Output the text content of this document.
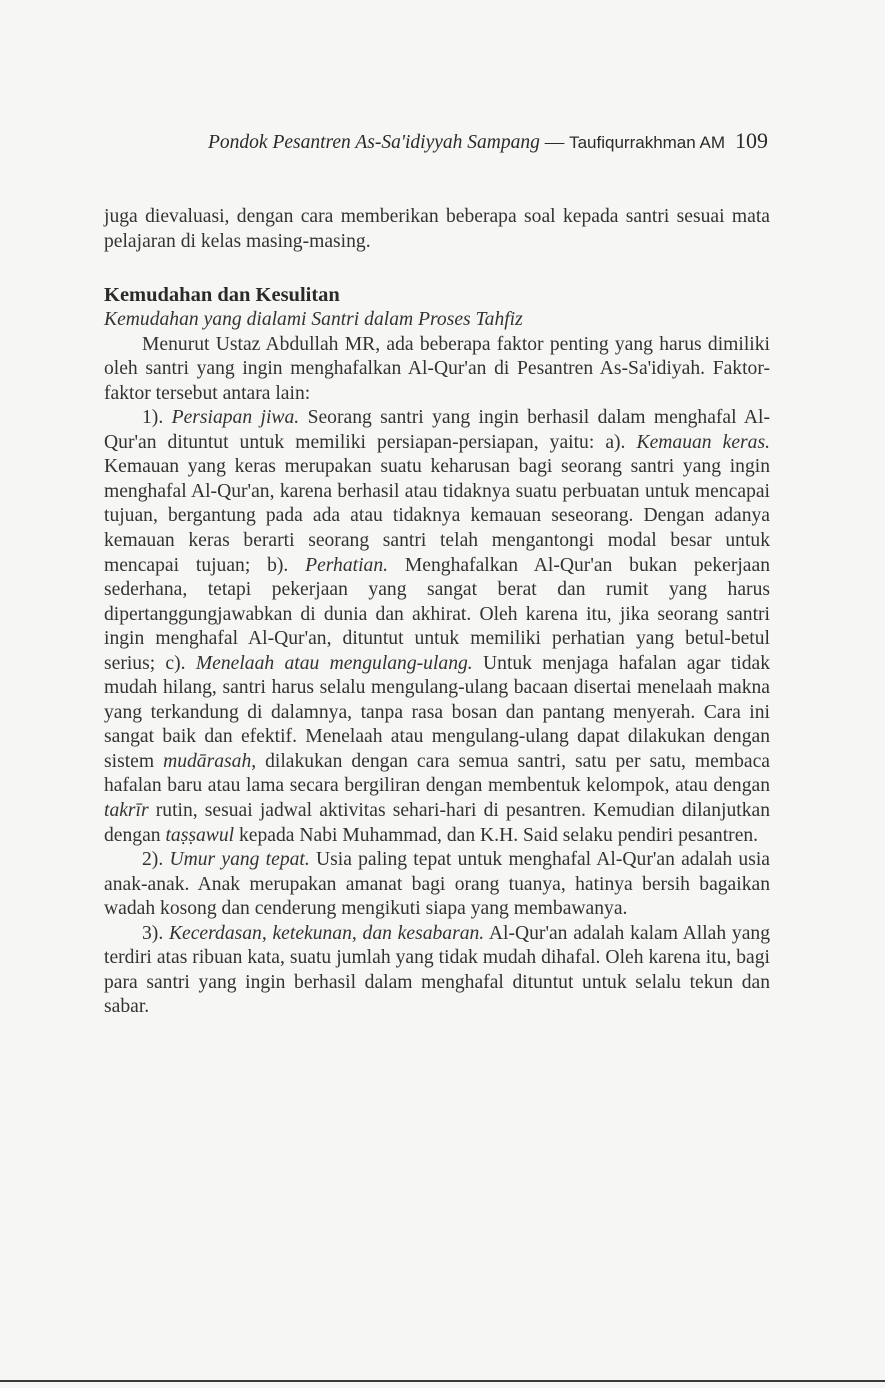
Pondok Pesantren As-Sa'idiyyah Sampang — Taufiqurrakhman AM 109

juga dievaluasi, dengan cara memberikan beberapa soal kepada santri sesuai mata pelajaran di kelas masing-masing.

Kemudahan dan Kesulitan

Kemudahan yang dialami Santri dalam Proses Tahfiz

Menurut Ustaz Abdullah MR, ada beberapa faktor penting yang harus dimiliki oleh santri yang ingin menghafalkan Al-Qur'an di Pesantren As-Sa'idiyah. Faktor-faktor tersebut antara lain:

1). Persiapan jiwa. Seorang santri yang ingin berhasil dalam menghafal Al-Qur'an dituntut untuk memiliki persiapan-persiapan, yaitu: a). Kemauan keras. Kemauan yang keras merupakan suatu keharusan bagi seorang santri yang ingin menghafal Al-Qur'an, karena berhasil atau tidaknya suatu perbuatan untuk mencapai tujuan, bergantung pada ada atau tidaknya kemauan seseorang. Dengan adanya kemauan keras berarti seorang santri telah mengantongi modal besar untuk mencapai tujuan; b). Perhatian. Menghafalkan Al-Qur'an bukan pekerjaan sederhana, tetapi pekerjaan yang sangat berat dan rumit yang harus dipertanggungjawabkan di dunia dan akhirat. Oleh karena itu, jika seorang santri ingin menghafal Al-Qur'an, dituntut untuk memiliki perhatian yang betul-betul serius; c). Menelaah atau mengulang-ulang. Untuk menjaga hafalan agar tidak mudah hilang, santri harus selalu mengulang-ulang bacaan disertai menelaah makna yang terkandung di dalamnya, tanpa rasa bosan dan pantang menyerah. Cara ini sangat baik dan efektif. Menelaah atau mengulang-ulang dapat dilakukan dengan sistem mudārasah, dilakukan dengan cara semua santri, satu per satu, membaca hafalan baru atau lama secara bergiliran dengan membentuk kelompok, atau dengan takrīr rutin, sesuai jadwal aktivitas sehari-hari di pesantren. Kemudian dilanjutkan dengan taṣṣawul kepada Nabi Muhammad, dan K.H. Said selaku pendiri pesantren.

2). Umur yang tepat. Usia paling tepat untuk menghafal Al-Qur'an adalah usia anak-anak. Anak merupakan amanat bagi orang tuanya, hatinya bersih bagaikan wadah kosong dan cenderung mengikuti siapa yang membawanya.

3). Kecerdasan, ketekunan, dan kesabaran. Al-Qur'an adalah kalam Allah yang terdiri atas ribuan kata, suatu jumlah yang tidak mudah dihafal. Oleh karena itu, bagi para santri yang ingin berhasil dalam menghafal dituntut untuk selalu tekun dan sabar.
